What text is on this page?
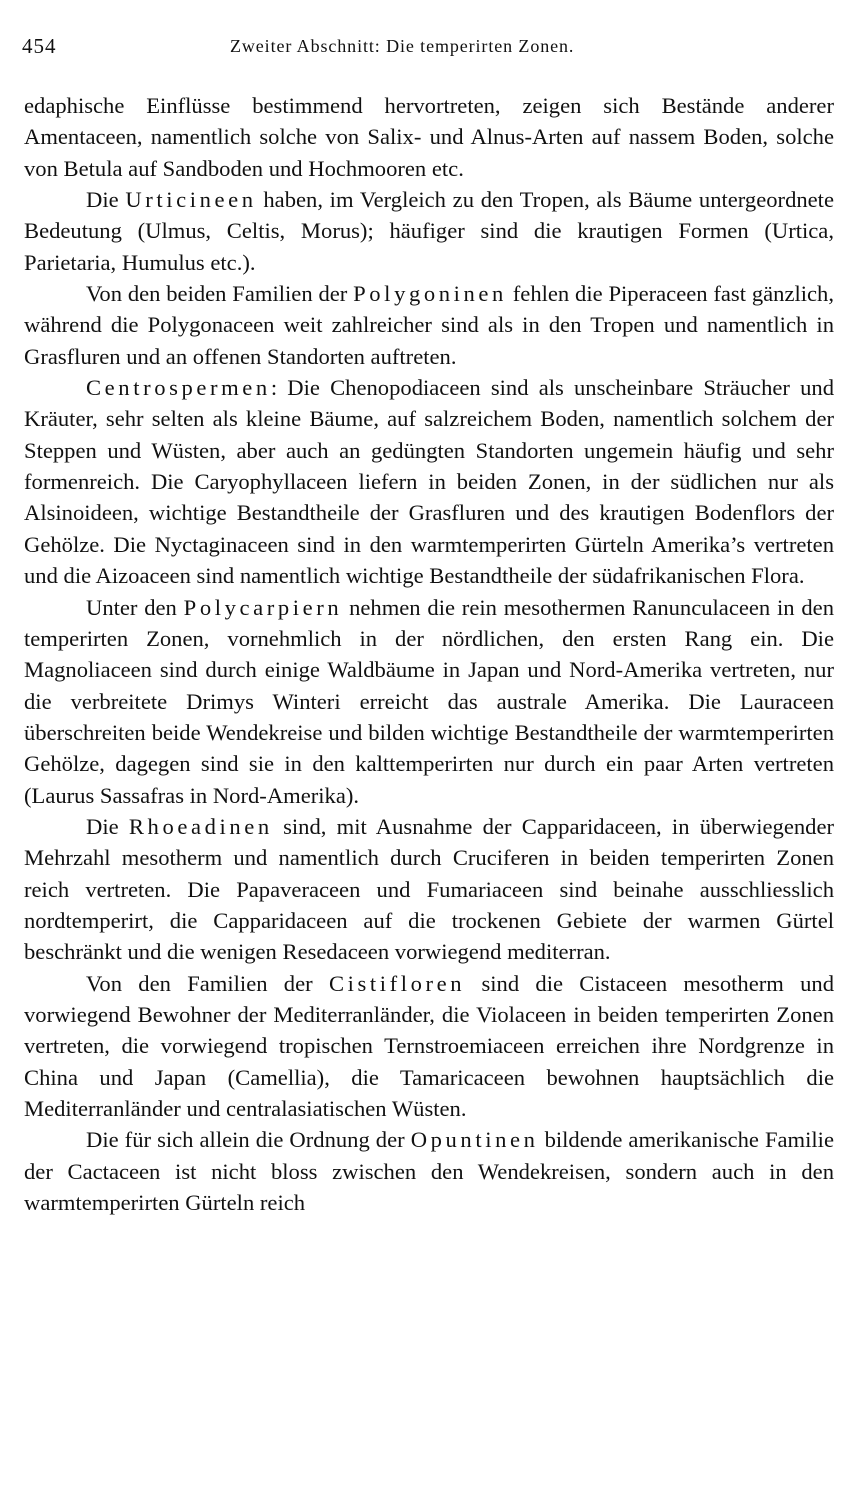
454	Zweiter Abschnitt: Die temperirten Zonen.

edaphische Einflüsse bestimmend hervortreten, zeigen sich Bestände anderer Amentaceen, namentlich solche von Salix- und Alnus-Arten auf nassem Boden, solche von Betula auf Sandboden und Hochmooren etc.

Die Urticineen haben, im Vergleich zu den Tropen, als Bäume untergeordnete Bedeutung (Ulmus, Celtis, Morus); häufiger sind die krautigen Formen (Urtica, Parietaria, Humulus etc.).

Von den beiden Familien der Polygoninen fehlen die Piperaceen fast gänzlich, während die Polygonaceen weit zahlreicher sind als in den Tropen und namentlich in Grasfluren und an offenen Standorten auftreten.

Centrospermen: Die Chenopodiaceen sind als unscheinbare Sträucher und Kräuter, sehr selten als kleine Bäume, auf salzreichem Boden, namentlich solchem der Steppen und Wüsten, aber auch an gedüngten Standorten ungemein häufig und sehr formenreich. Die Caryophyllaceen liefern in beiden Zonen, in der südlichen nur als Alsinoideen, wichtige Bestandtheile der Grasfluren und des krautigen Bodenflors der Gehölze. Die Nyctaginaceen sind in den warmtemperirten Gürteln Amerika’s vertreten und die Aizoaceen sind namentlich wichtige Bestandtheile der südafrikanischen Flora.

Unter den Polycarpiern nehmen die rein mesothermen Ranunculaceen in den temperirten Zonen, vornehmlich in der nördlichen, den ersten Rang ein. Die Magnoliaceen sind durch einige Waldbäume in Japan und Nord-Amerika vertreten, nur die verbreitete Drimys Winteri erreicht das australe Amerika. Die Lauraceen überschreiten beide Wendekreise und bilden wichtige Bestandtheile der warmtemperirten Gehölze, dagegen sind sie in den kalttemperirten nur durch ein paar Arten vertreten (Laurus Sassafras in Nord-Amerika).

Die Rhoeadinen sind, mit Ausnahme der Capparidaceen, in überwiegender Mehrzahl mesotherm und namentlich durch Cruciferen in beiden temperirten Zonen reich vertreten. Die Papaveraceen und Fumariaceen sind beinahe ausschliesslich nordtemperirt, die Capparidaceen auf die trockenen Gebiete der warmen Gürtel beschränkt und die wenigen Resedaceen vorwiegend mediterran.

Von den Familien der Cistifloren sind die Cistaceen mesotherm und vorwiegend Bewohner der Mediterranländer, die Violaceen in beiden temperirten Zonen vertreten, die vorwiegend tropischen Ternstroemiaceen erreichen ihre Nordgrenze in China und Japan (Camellia), die Tamaricaceen bewohnen hauptsächlich die Mediterranländer und centralasiatischen Wüsten.

Die für sich allein die Ordnung der Opuntinen bildende amerikanische Familie der Cactaceen ist nicht bloss zwischen den Wendekreisen, sondern auch in den warmtemperirten Gürteln reich
